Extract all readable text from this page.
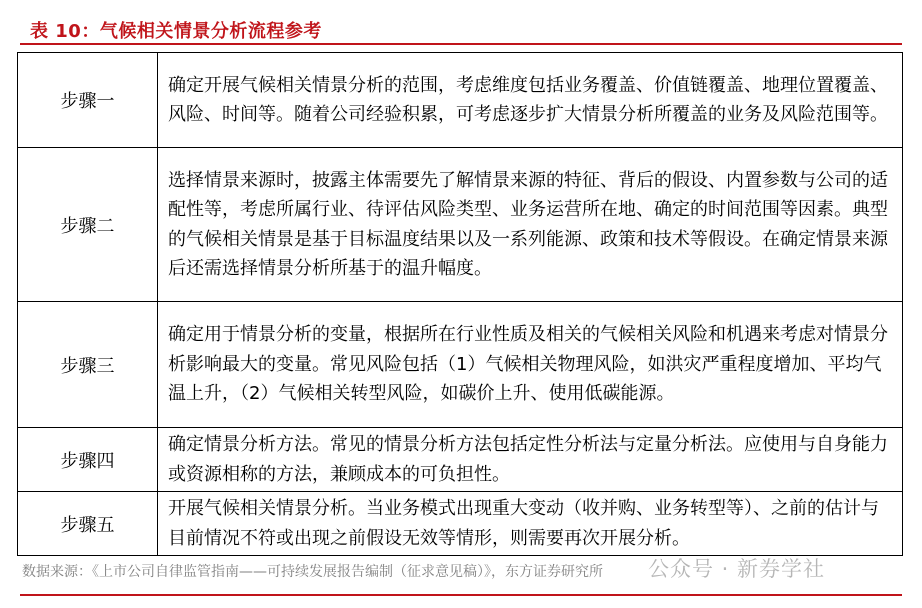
表 10：气候相关情景分析流程参考
步骤一	确定开展气候相关情景分析的范围，考虑维度包括业务覆盖、价值链覆盖、地理位置覆盖、风险、时间等。随着公司经验积累，可考虑逐步扩大情景分析所覆盖的业务及风险范围等。
步骤二	选择情景来源时，披露主体需要先了解情景来源的特征、背后的假设、内置参数与公司的适配性等，考虑所属行业、待评估风险类型、业务运营所在地、确定的时间范围等因素。典型的气候相关情景是基于目标温度结果以及一系列能源、政策和技术等假设。在确定情景来源后还需选择情景分析所基于的温升幅度。
步骤三	确定用于情景分析的变量，根据所在行业性质及相关的气候相关风险和机遇来考虑对情景分析影响最大的变量。常见风险包括（1）气候相关物理风险，如洪灾严重程度增加、平均气温上升，（2）气候相关转型风险，如碳价上升、使用低碳能源。
步骤四	确定情景分析方法。常见的情景分析方法包括定性分析法与定量分析法。应使用与自身能力或资源相称的方法，兼顾成本的可负担性。
步骤五	开展气候相关情景分析。当业务模式出现重大变动（收并购、业务转型等）、之前的估计与目前情况不符或出现之前假设无效等情形，则需要再次开展分析。
数据来源：《上市公司自律监管指南——可持续发展报告编制（征求意见稿）》，东方证券研究所 公众号 · 新券学社
